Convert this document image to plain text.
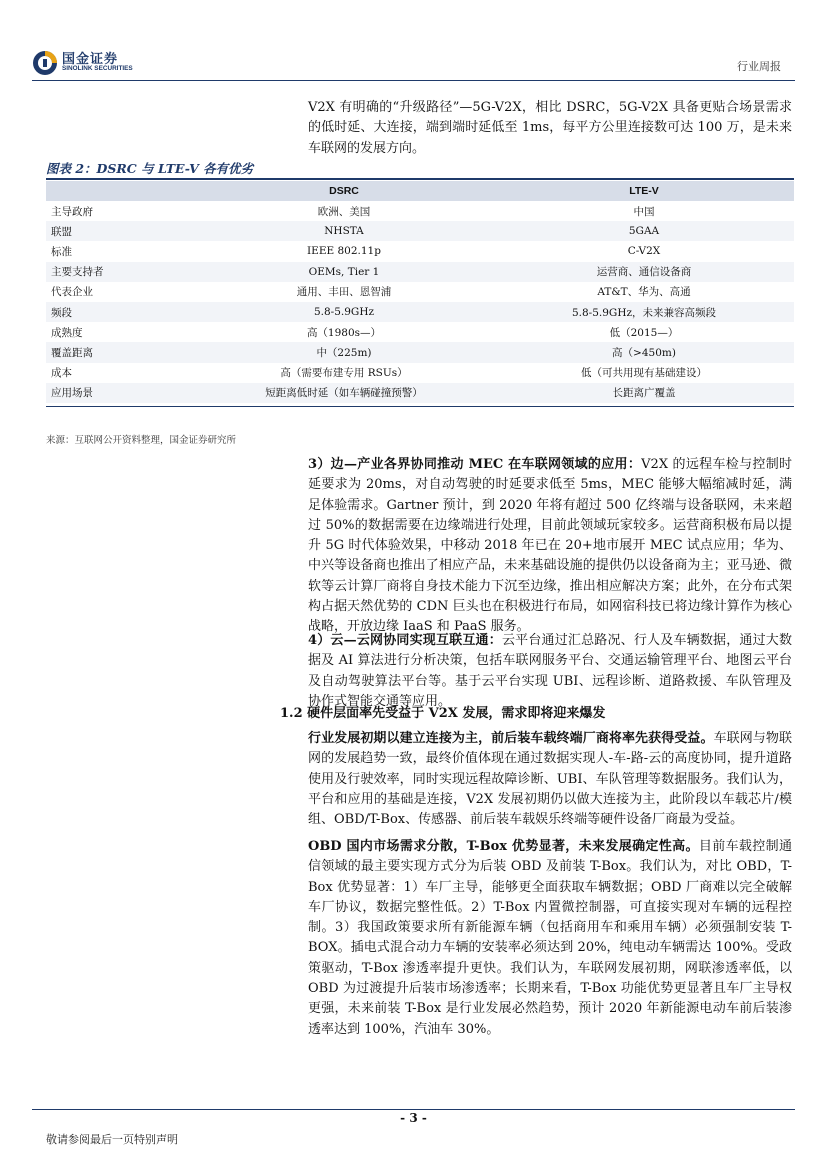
国金证券
SINOLINK SECURITIES	行业周报
V2X 有明确的“升级路径”—5G-V2X，相比 DSRC，5G-V2X 具备更贴合场景需求的低时延、大连接，端到端时延低至 1ms，每平方公里连接数可达 100 万，是未来车联网的发展方向。
图表 2：DSRC 与 LTE-V 各有优劣
	DSRC	LTE-V
主导政府	欧洲、美国	中国
联盟	NHSTA	5GAA
标准	IEEE 802.11p	C-V2X
主要支持者	OEMs, Tier 1	运营商、通信设备商
代表企业	通用、丰田、恩智浦	AT&T、华为、高通
频段	5.8-5.9GHz	5.8-5.9GHz，未来兼容高频段
成熟度	高（1980s—）	低（2015—）
覆盖距离	中（225m)	高（>450m)
成本	高（需要布建专用 RSUs）	低（可共用现有基础建设）
应用场景	短距离低时延（如车辆碰撞预警）	长距离广覆盖
来源：互联网公开资料整理，国金证券研究所
3）边—产业各界协同推动 MEC 在车联网领域的应用：V2X 的远程车检与控制时延要求为 20ms，对自动驾驶的时延要求低至 5ms，MEC 能够大幅缩减时延，满足体验需求。Gartner 预计，到 2020 年将有超过 500 亿终端与设备联网，未来超过 50%的数据需要在边缘端进行处理，目前此领域玩家较多。运营商积极布局以提升 5G 时代体验效果，中移动 2018 年已在 20+地市展开 MEC 试点应用；华为、中兴等设备商也推出了相应产品，未来基础设施的提供仍以设备商为主；亚马逊、微软等云计算厂商将自身技术能力下沉至边缘，推出相应解决方案；此外，在分布式架构占据天然优势的 CDN 巨头也在积极进行布局，如网宿科技已将边缘计算作为核心战略，开放边缘 IaaS 和 PaaS 服务。
4）云—云网协同实现互联互通：云平台通过汇总路况、行人及车辆数据，通过大数据及 AI 算法进行分析决策，包括车联网服务平台、交通运输管理平台、地图云平台及自动驾驶算法平台等。基于云平台实现 UBI、远程诊断、道路救援、车队管理及协作式智能交通等应用。
1.2 硬件层面率先受益于 V2X 发展，需求即将迎来爆发
行业发展初期以建立连接为主，前后装车载终端厂商将率先获得受益。车联网与物联网的发展趋势一致，最终价值体现在通过数据实现人-车-路-云的高度协同，提升道路使用及行驶效率，同时实现远程故障诊断、UBI、车队管理等数据服务。我们认为，平台和应用的基础是连接，V2X 发展初期仍以做大连接为主，此阶段以车载芯片/模组、OBD/T-Box、传感器、前后装车载娱乐终端等硬件设备厂商最为受益。
OBD 国内市场需求分散，T-Box 优势显著，未来发展确定性高。目前车载控制通信领域的最主要实现方式分为后装 OBD 及前装 T-Box。我们认为，对比 OBD，T-Box 优势显著：1）车厂主导，能够更全面获取车辆数据；OBD 厂商难以完全破解车厂协议，数据完整性低。2）T-Box 内置微控制器，可直接实现对车辆的远程控制。3）我国政策要求所有新能源车辆（包括商用车和乘用车辆）必须强制安装 T-BOX。插电式混合动力车辆的安装率必须达到 20%，纯电动车辆需达 100%。受政策驱动，T-Box 渗透率提升更快。我们认为，车联网发展初期，网联渗透率低，以 OBD 为过渡提升后装市场渗透率；长期来看，T-Box 功能优势更显著且车厂主导权更强，未来前装 T-Box 是行业发展必然趋势，预计 2020 年新能源电动车前后装渗透率达到 100%，汽油车 30%。
- 3 -
敬请参阅最后一页特别声明
